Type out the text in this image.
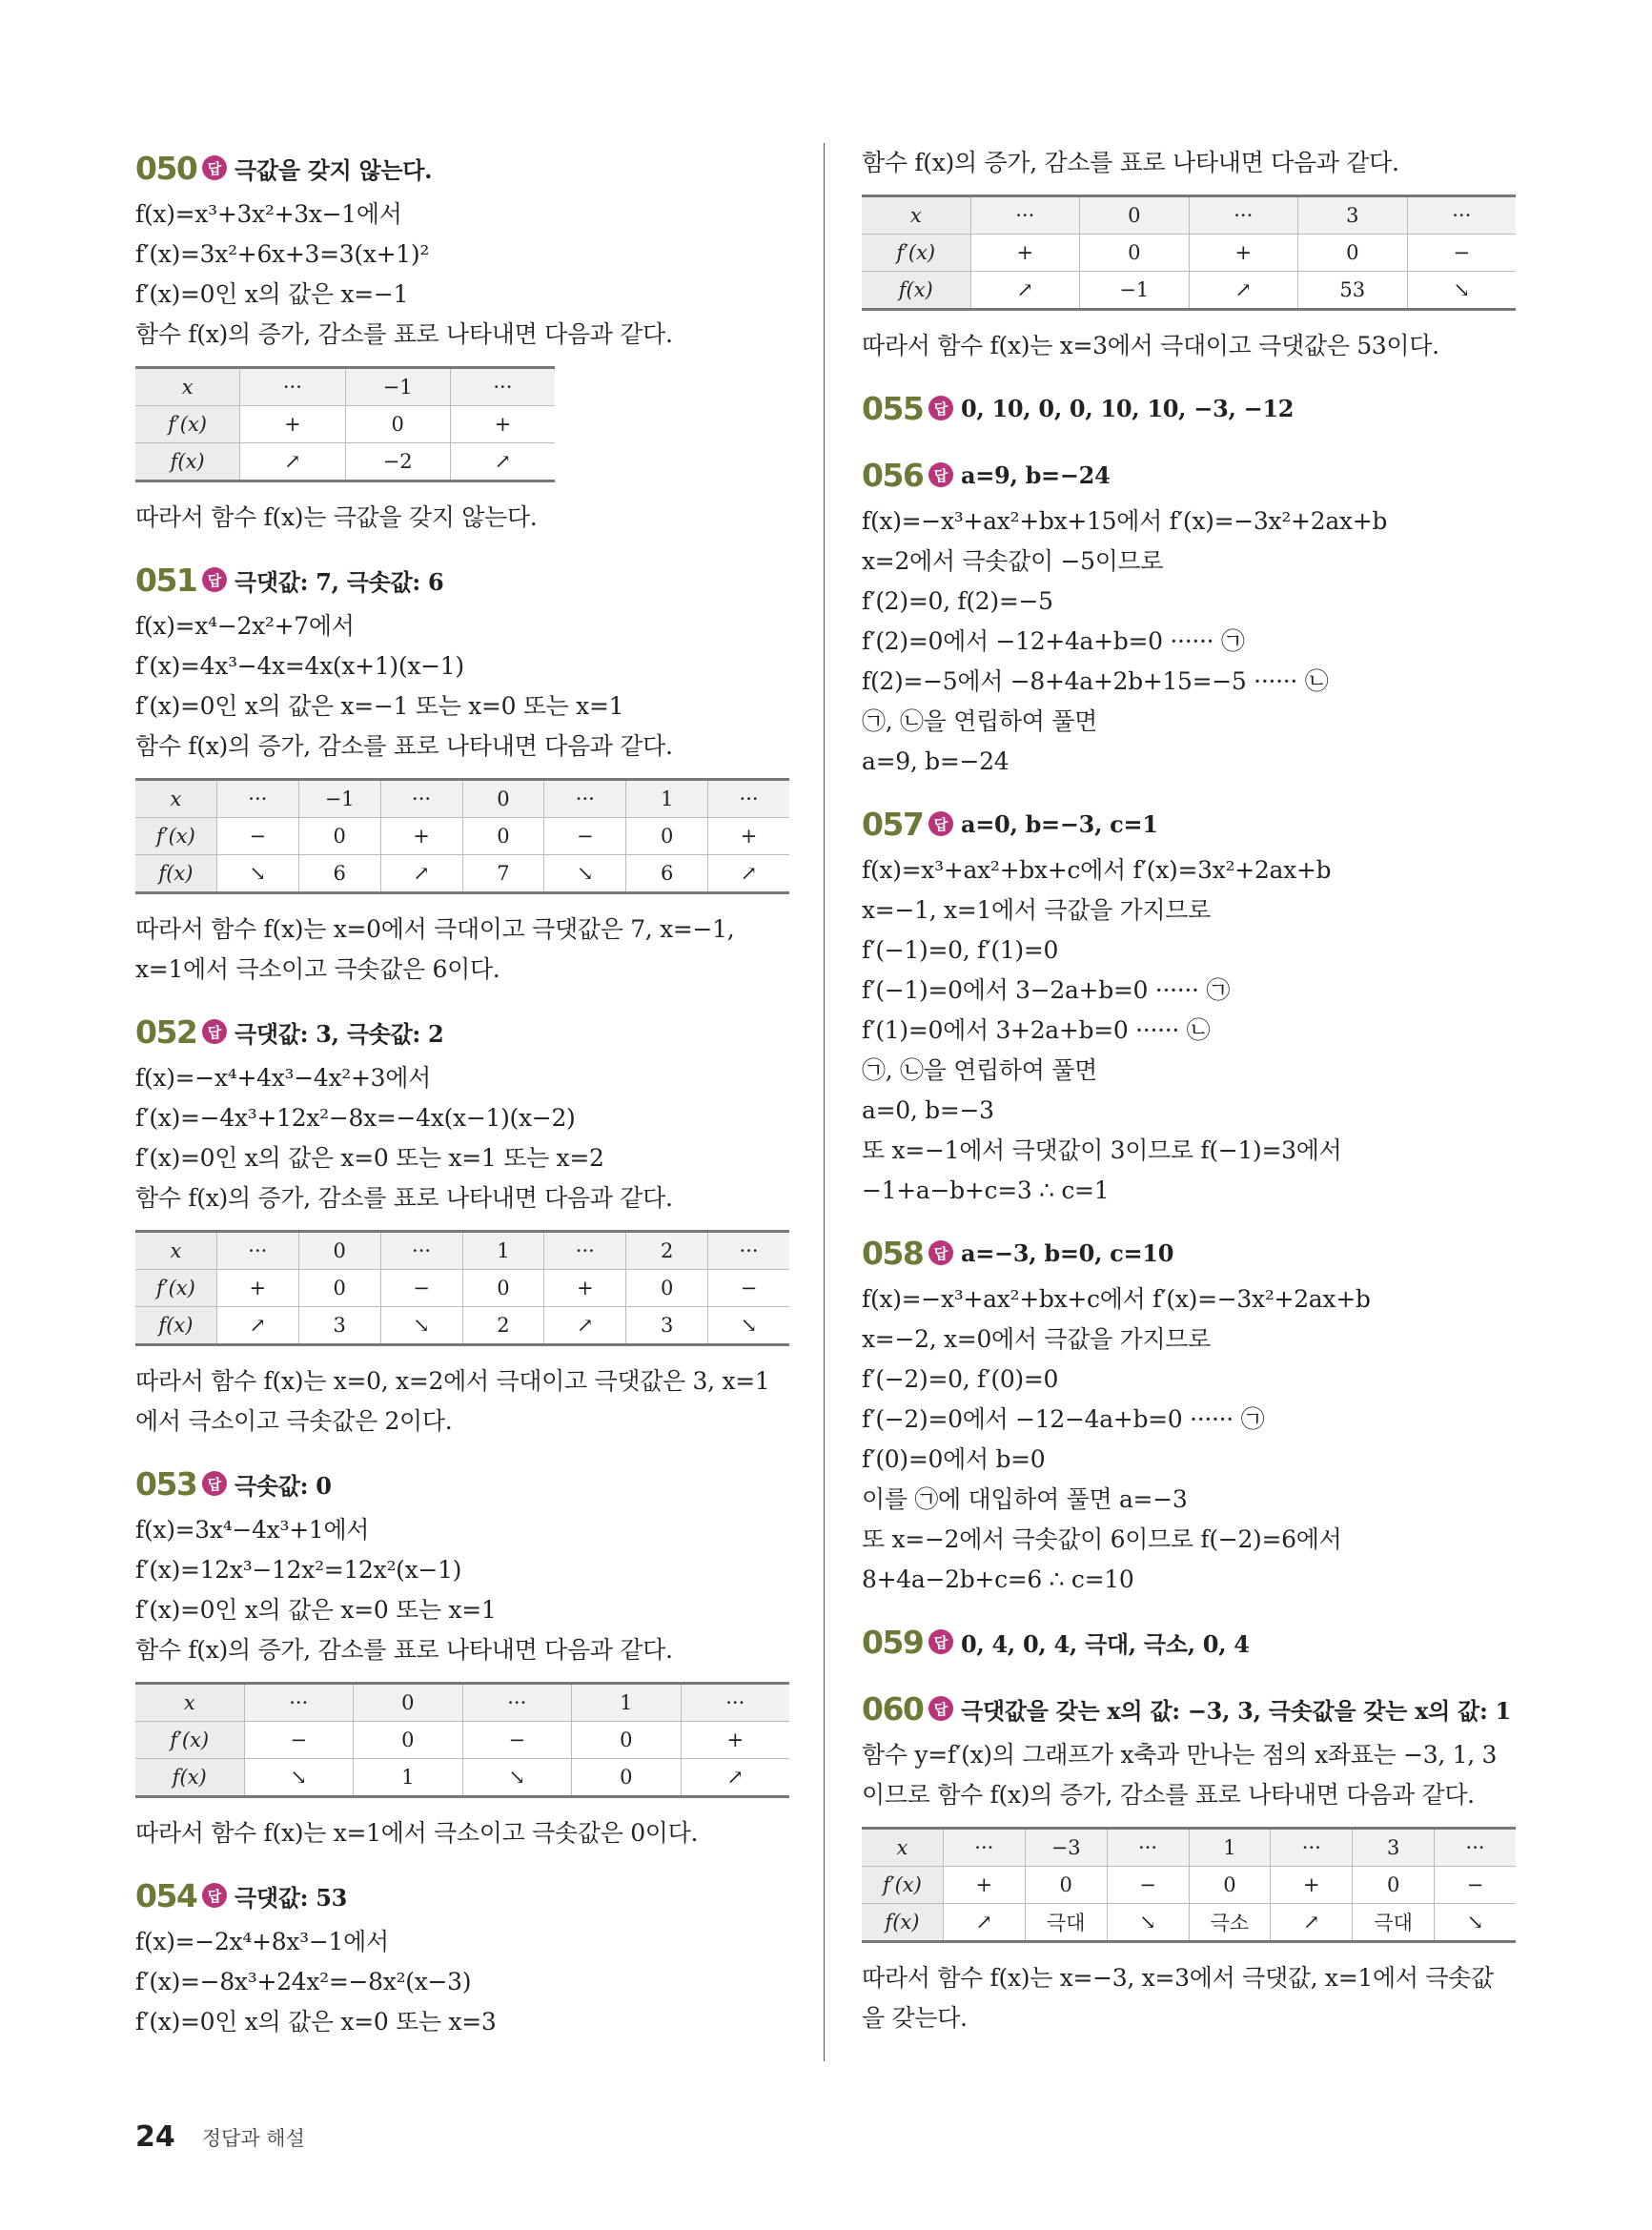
050 답 극값을 갖지 않는다.
f(x)=x³+3x²+3x−1에서
f′(x)=3x²+6x+3=3(x+1)²
f′(x)=0인 x의 값은 x=−1
함수 f(x)의 증가, 감소를 표로 나타내면 다음과 같다.
x	···	−1	···
f′(x)	+	0	+
f(x)	↗	−2	↗
따라서 함수 f(x)는 극값을 갖지 않는다.
051 답 극댓값: 7, 극솟값: 6
f(x)=x⁴−2x²+7에서
f′(x)=4x³−4x=4x(x+1)(x−1)
f′(x)=0인 x의 값은 x=−1 또는 x=0 또는 x=1
함수 f(x)의 증가, 감소를 표로 나타내면 다음과 같다.
x	···	−1	···	0	···	1	···
f′(x)	−	0	+	0	−	0	+
f(x)	↘	6	↗	7	↘	6	↗
따라서 함수 f(x)는 x=0에서 극대이고 극댓값은 7, x=−1,
x=1에서 극소이고 극솟값은 6이다.
052 답 극댓값: 3, 극솟값: 2
f(x)=−x⁴+4x³−4x²+3에서
f′(x)=−4x³+12x²−8x=−4x(x−1)(x−2)
f′(x)=0인 x의 값은 x=0 또는 x=1 또는 x=2
함수 f(x)의 증가, 감소를 표로 나타내면 다음과 같다.
x	···	0	···	1	···	2	···
f′(x)	+	0	−	0	+	0	−
f(x)	↗	3	↘	2	↗	3	↘
따라서 함수 f(x)는 x=0, x=2에서 극대이고 극댓값은 3, x=1
에서 극소이고 극솟값은 2이다.
053 답 극솟값: 0
f(x)=3x⁴−4x³+1에서
f′(x)=12x³−12x²=12x²(x−1)
f′(x)=0인 x의 값은 x=0 또는 x=1
함수 f(x)의 증가, 감소를 표로 나타내면 다음과 같다.
x	···	0	···	1	···
f′(x)	−	0	−	0	+
f(x)	↘	1	↘	0	↗
따라서 함수 f(x)는 x=1에서 극소이고 극솟값은 0이다.
054 답 극댓값: 53
f(x)=−2x⁴+8x³−1에서
f′(x)=−8x³+24x²=−8x²(x−3)
f′(x)=0인 x의 값은 x=0 또는 x=3
함수 f(x)의 증가, 감소를 표로 나타내면 다음과 같다.
x	···	0	···	3	···
f′(x)	+	0	+	0	−
f(x)	↗	−1	↗	53	↘
따라서 함수 f(x)는 x=3에서 극대이고 극댓값은 53이다.
055 답 0, 10, 0, 0, 10, 10, −3, −12
056 답 a=9, b=−24
f(x)=−x³+ax²+bx+15에서 f′(x)=−3x²+2ax+b
x=2에서 극솟값이 −5이므로
f′(2)=0, f(2)=−5
f′(2)=0에서 −12+4a+b=0 ······ ㉠
f(2)=−5에서 −8+4a+2b+15=−5 ······ ㉡
㉠, ㉡을 연립하여 풀면
a=9, b=−24
057 답 a=0, b=−3, c=1
f(x)=x³+ax²+bx+c에서 f′(x)=3x²+2ax+b
x=−1, x=1에서 극값을 가지므로
f′(−1)=0, f′(1)=0
f′(−1)=0에서 3−2a+b=0 ······ ㉠
f′(1)=0에서 3+2a+b=0 ······ ㉡
㉠, ㉡을 연립하여 풀면
a=0, b=−3
또 x=−1에서 극댓값이 3이므로 f(−1)=3에서
−1+a−b+c=3 ∴ c=1
058 답 a=−3, b=0, c=10
f(x)=−x³+ax²+bx+c에서 f′(x)=−3x²+2ax+b
x=−2, x=0에서 극값을 가지므로
f′(−2)=0, f′(0)=0
f′(−2)=0에서 −12−4a+b=0 ······ ㉠
f′(0)=0에서 b=0
이를 ㉠에 대입하여 풀면 a=−3
또 x=−2에서 극솟값이 6이므로 f(−2)=6에서
8+4a−2b+c=6 ∴ c=10
059 답 0, 4, 0, 4, 극대, 극소, 0, 4
060 답 극댓값을 갖는 x의 값: −3, 3, 극솟값을 갖는 x의 값: 1
함수 y=f′(x)의 그래프가 x축과 만나는 점의 x좌표는 −3, 1, 3
이므로 함수 f(x)의 증가, 감소를 표로 나타내면 다음과 같다.
x	···	−3	···	1	···	3	···
f′(x)	+	0	−	0	+	0	−
f(x)	↗	극대	↘	극소	↗	극대	↘
따라서 함수 f(x)는 x=−3, x=3에서 극댓값, x=1에서 극솟값
을 갖는다.
24 정답과 해설
